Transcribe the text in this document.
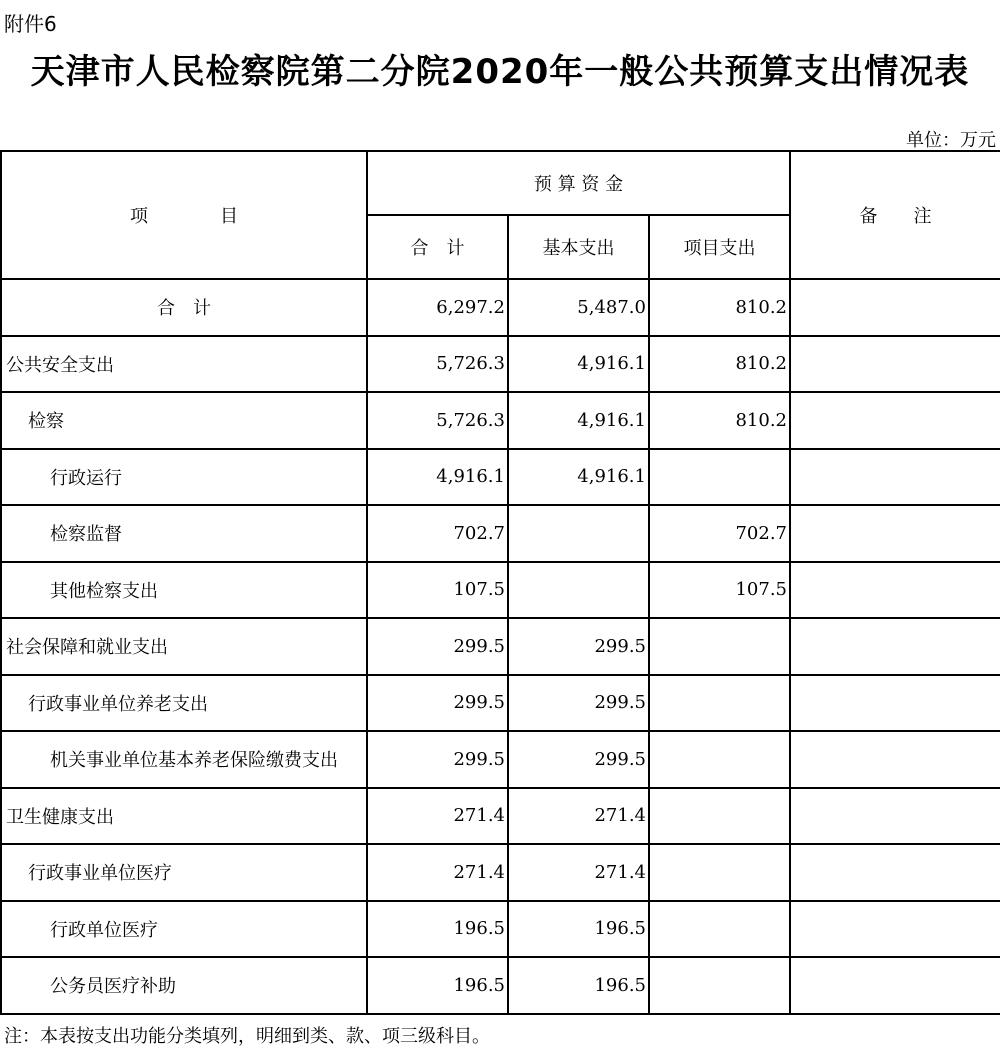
附件6
天津市人民检察院第二分院2020年一般公共预算支出情况表
单位：万元
项　　　　目	预 算 资 金			备　　注
	合　计	基本支出	项目支出	
合　计	6,297.2	5,487.0	810.2	
公共安全支出	5,726.3	4,916.1	810.2	
检察	5,726.3	4,916.1	810.2	
行政运行	4,916.1	4,916.1		
检察监督	702.7		702.7	
其他检察支出	107.5		107.5	
社会保障和就业支出	299.5	299.5		
行政事业单位养老支出	299.5	299.5		
机关事业单位基本养老保险缴费支出	299.5	299.5		
卫生健康支出	271.4	271.4		
行政事业单位医疗	271.4	271.4		
行政单位医疗	196.5	196.5		
公务员医疗补助	196.5	196.5		
注：本表按支出功能分类填列，明细到类、款、项三级科目。
